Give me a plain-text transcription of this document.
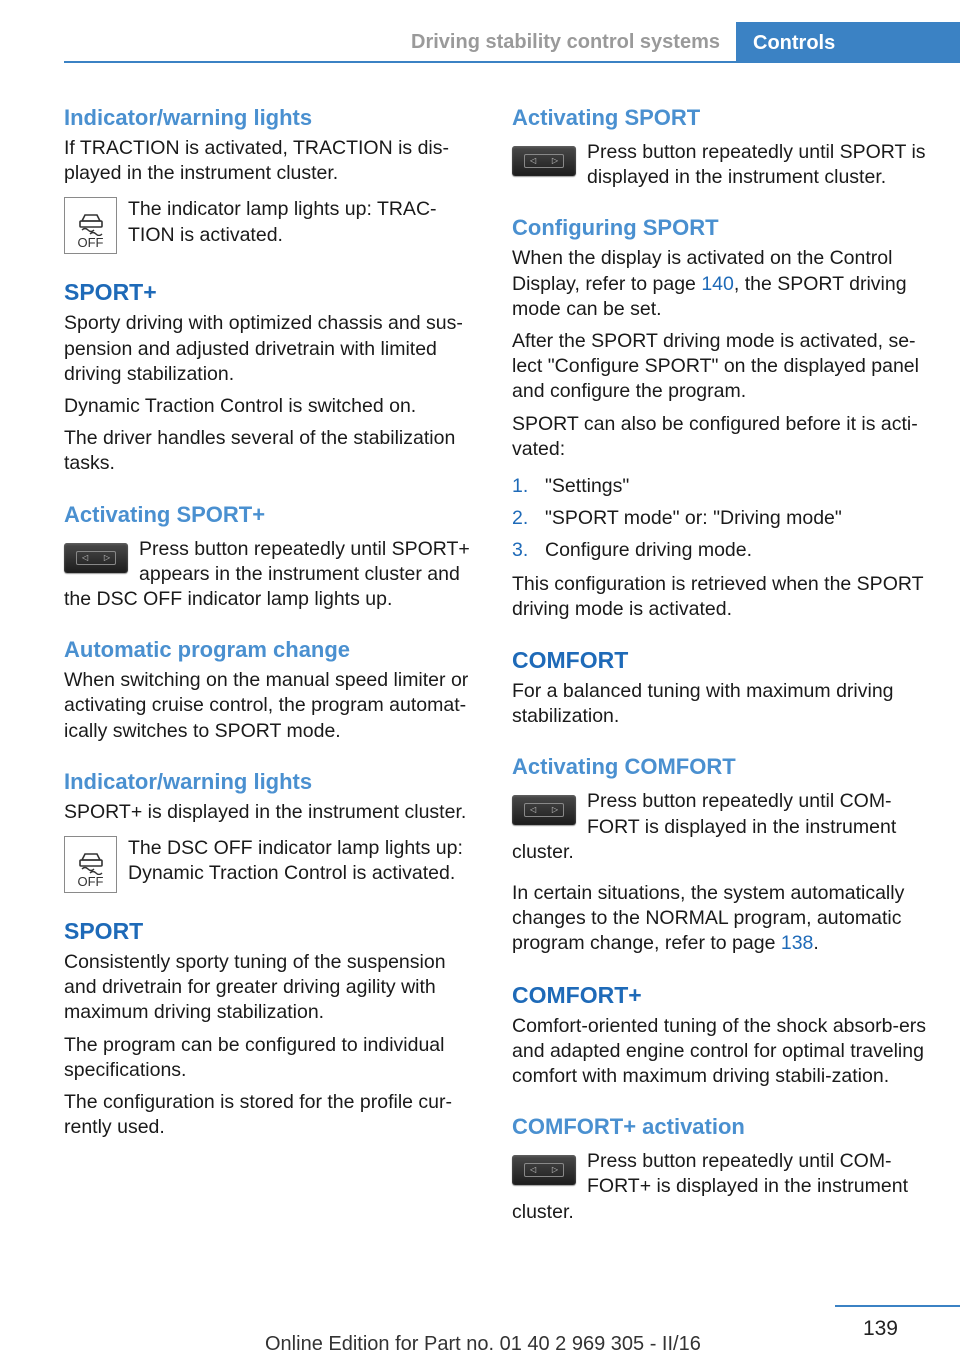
Driving stability control systems	Controls
Indicator/warning lights

If TRACTION is activated, TRACTION is dis-played in the instrument cluster.

OFF
The indicator lamp lights up: TRAC-TION is activated.
SPORT+

Sporty driving with optimized chassis and sus-pension and adjusted drivetrain with limited driving stabilization.

Dynamic Traction Control is switched on.

The driver handles several of the stabilization tasks.

Activating SPORT+
◁ ▷ Press button repeatedly until SPORT+ appears in the instrument cluster and the DSC OFF indicator lamp lights up.
Automatic program change

When switching on the manual speed limiter or activating cruise control, the program automat-ically switches to SPORT mode.

Indicator/warning lights

SPORT+ is displayed in the instrument cluster.

OFF
The DSC OFF indicator lamp lights up: Dynamic Traction Control is activated.
SPORT

Consistently sporty tuning of the suspension and drivetrain for greater driving agility with maximum driving stabilization.

The program can be configured to individual specifications.

The configuration is stored for the profile cur-rently used.

Activating SPORT
◁ ▷ Press button repeatedly until SPORT is displayed in the instrument cluster.
Configuring SPORT

When the display is activated on the Control Display, refer to page 140, the SPORT driving mode can be set.

After the SPORT driving mode is activated, se-lect "Configure SPORT" on the displayed panel and configure the program.

SPORT can also be configured before it is acti-vated:

1. "Settings"
2. "SPORT mode" or: "Driving mode"
3. Configure driving mode.

This configuration is retrieved when the SPORT driving mode is activated.

COMFORT

For a balanced tuning with maximum driving stabilization.

Activating COMFORT
◁ ▷ Press button repeatedly until COM-FORT is displayed in the instrument cluster.

In certain situations, the system automatically changes to the NORMAL program, automatic program change, refer to page 138.

COMFORT+

Comfort-oriented tuning of the shock absorb-ers and adapted engine control for optimal traveling comfort with maximum driving stabili-zation.

COMFORT+ activation
◁ ▷ Press button repeatedly until COM-FORT+ is displayed in the instrument cluster.
139
Online Edition for Part no. 01 40 2 969 305 - II/16
